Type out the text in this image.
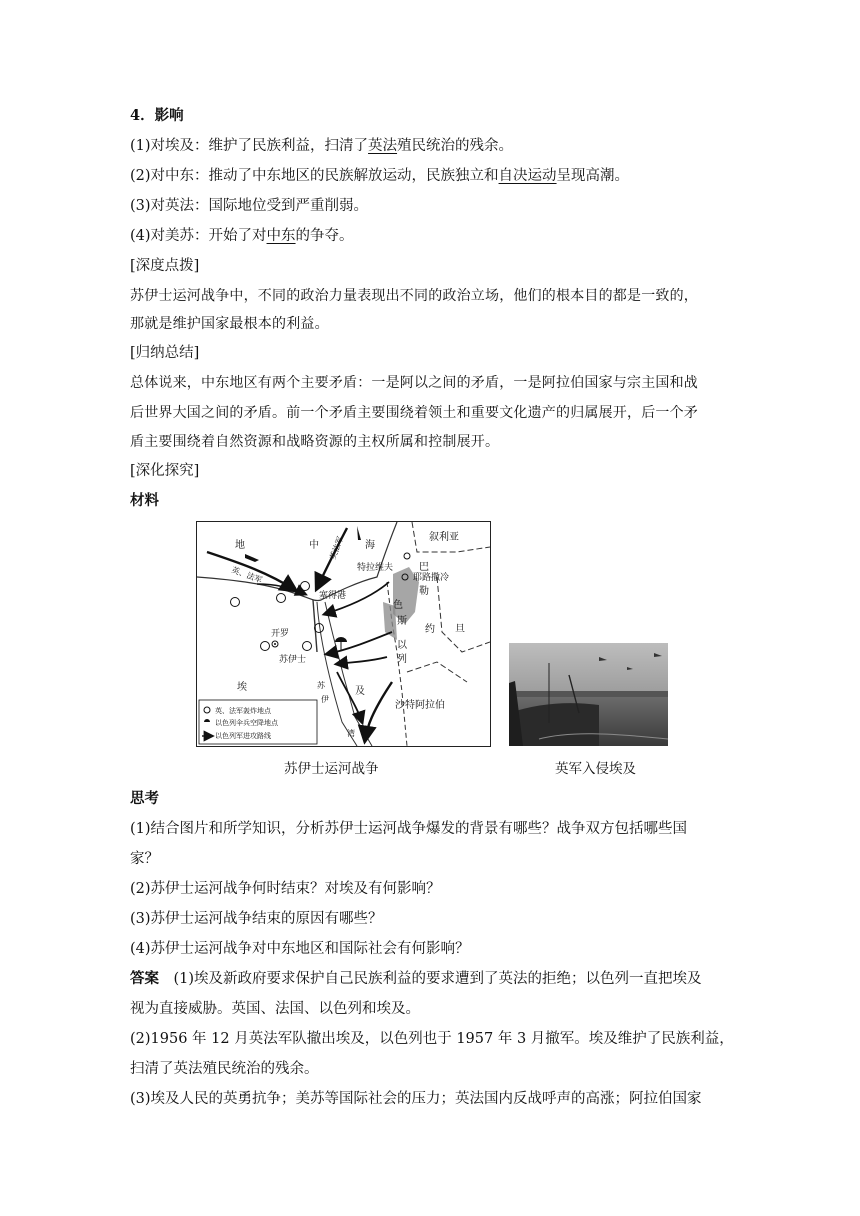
4．影响
(1)对埃及：维护了民族利益，扫清了英法殖民统治的残余。
(2)对中东：推动了中东地区的民族解放运动，民族独立和自决运动呈现高潮。
(3)对英法：国际地位受到严重削弱。
(4)对美苏：开始了对中东的争夺。
[深度点拨]
苏伊士运河战争中，不同的政治力量表现出不同的政治立场，他们的根本目的都是一致的，
那就是维护国家最根本的利益。
[归纳总结]
总体说来，中东地区有两个主要矛盾：一是阿以之间的矛盾，一是阿拉伯国家与宗主国和战
后世界大国之间的矛盾。前一个矛盾主要围绕着领土和重要文化遗产的归属展开，后一个矛
盾主要围绕着自然资源和战略资源的主权所属和控制展开。
[深化探究]
材料
地	中	海
叙利亚
特拉维夫	巴
英、法军
英法军
勒
耶路撒冷
塞得港
色
斯
约 旦
开罗
苏伊士
埃	及
以
列
沙特阿拉伯
苏
伊
湾
英、法军轰炸地点
以色列伞兵空降地点
以色列军进攻路线
苏伊士运河战争	英军入侵埃及
思考
(1)结合图片和所学知识，分析苏伊士运河战争爆发的背景有哪些？战争双方包括哪些国
家？
(2)苏伊士运河战争何时结束？对埃及有何影响？
(3)苏伊士运河战争结束的原因有哪些？
(4)苏伊士运河战争对中东地区和国际社会有何影响？
答案　(1)埃及新政府要求保护自己民族利益的要求遭到了英法的拒绝；以色列一直把埃及
视为直接威胁。英国、法国、以色列和埃及。
(2)1956 年 12 月英法军队撤出埃及，以色列也于 1957 年 3 月撤军。埃及维护了民族利益，
扫清了英法殖民统治的残余。
(3)埃及人民的英勇抗争；美苏等国际社会的压力；英法国内反战呼声的高涨；阿拉伯国家
